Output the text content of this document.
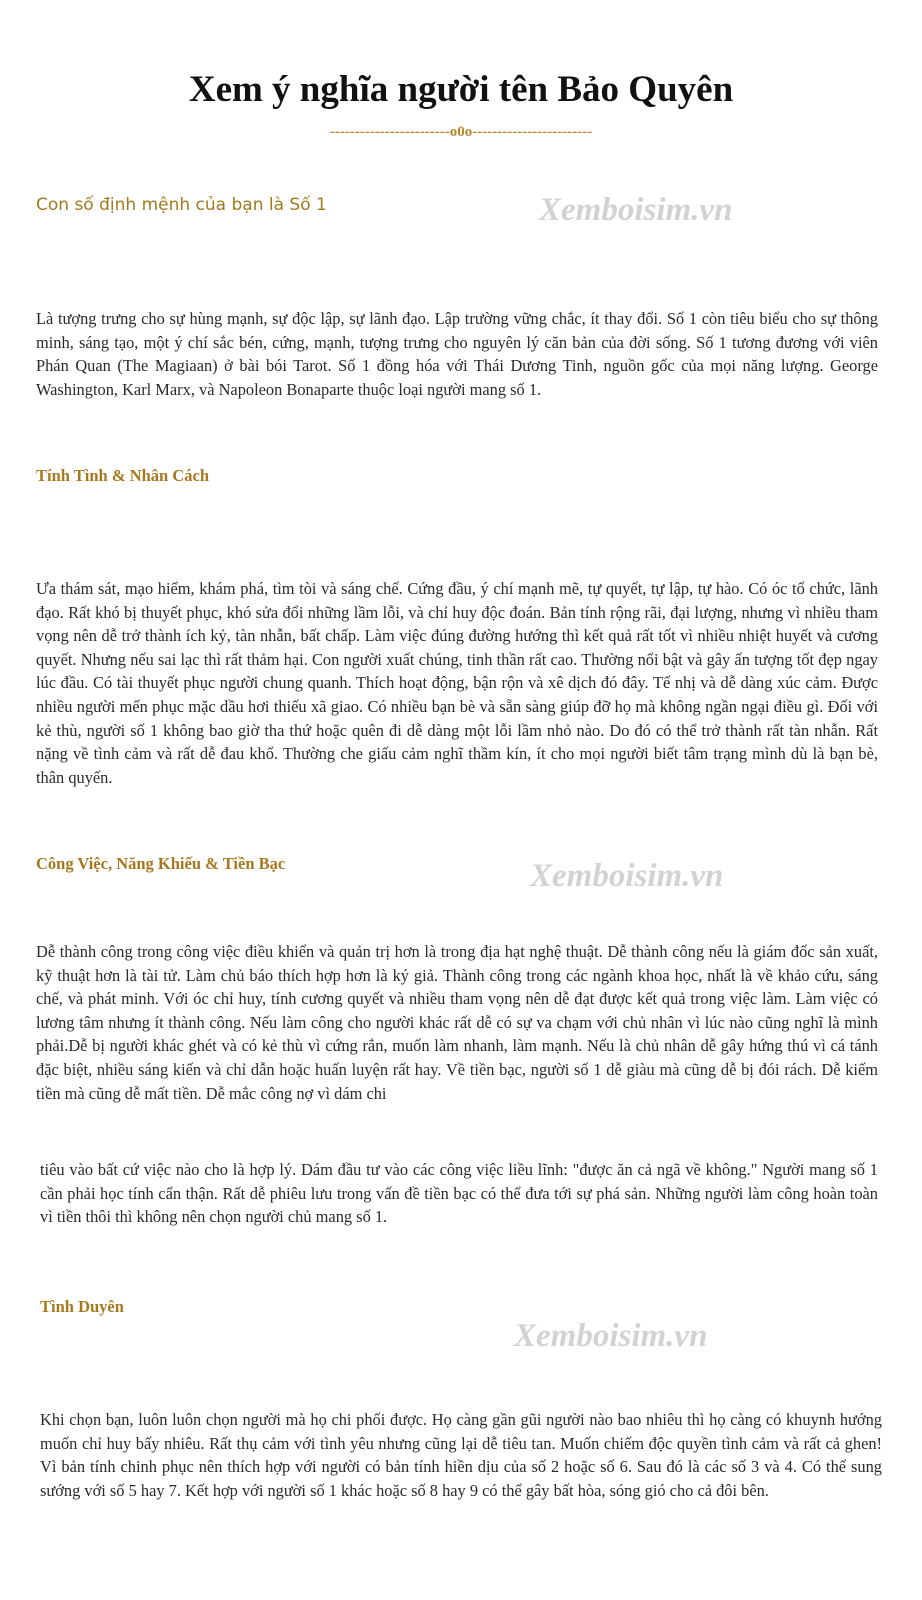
Xem ý nghĩa người tên Bảo Quyên
------------------------o0o------------------------
Con số định mệnh của bạn là Số 1	Xemboisim.vn

Là tượng trưng cho sự hùng mạnh, sự độc lập, sự lãnh đạo. Lập trường vững chắc, ít thay đổi. Số 1 còn tiêu biểu cho sự thông minh, sáng tạo, một ý chí sắc bén, cứng, mạnh, tượng trưng cho nguyên lý căn bản của đời sống. Số 1 tương đương với viên Phán Quan (The Magiaan) ở bài bói Tarot. Số 1 đồng hóa với Thái Dương Tinh, nguồn gốc của mọi năng lượng. George Washington, Karl Marx, và Napoleon Bonaparte thuộc loại người mang số 1.

Tính Tình & Nhân Cách

Ưa thám sát, mạo hiểm, khám phá, tìm tòi và sáng chế. Cứng đầu, ý chí mạnh mẽ, tự quyết, tự lập, tự hào. Có óc tổ chức, lãnh đạo. Rất khó bị thuyết phục, khó sửa đổi những lầm lỗi, và chỉ huy độc đoán. Bản tính rộng rãi, đại lượng, nhưng vì nhiều tham vọng nên dễ trở thành ích kỷ, tàn nhẫn, bất chấp. Làm việc đúng đường hướng thì kết quả rất tốt vì nhiều nhiệt huyết và cương quyết. Nhưng nếu sai lạc thì rất thảm hại. Con người xuất chúng, tinh thần rất cao. Thường nổi bật và gây ấn tượng tốt đẹp ngay lúc đầu. Có tài thuyết phục người chung quanh. Thích hoạt động, bận rộn và xê dịch đó đây. Tế nhị và dễ dàng xúc cảm. Được nhiều người mến phục mặc dầu hơi thiếu xã giao. Có nhiều bạn bè và sẵn sàng giúp đỡ họ mà không ngần ngại điều gì. Đối với kẻ thù, người số 1 không bao giờ tha thứ hoặc quên đi dễ dàng một lỗi lầm nhỏ nào. Do đó có thể trở thành rất tàn nhẫn. Rất nặng về tình cảm và rất dễ đau khổ. Thường che giấu cảm nghĩ thầm kín, ít cho mọi người biết tâm trạng mình dù là bạn bè, thân quyến.

Công Việc, Năng Khiếu & Tiền Bạc	Xemboisim.vn

Dễ thành công trong công việc điều khiển và quản trị hơn là trong địa hạt nghệ thuật. Dễ thành công nếu là giám đốc sản xuất, kỹ thuật hơn là tài tử. Làm chủ báo thích hợp hơn là ký giả. Thành công trong các ngành khoa học, nhất là về khảo cứu, sáng chế, và phát minh. Với óc chỉ huy, tính cương quyết và nhiều tham vọng nên dễ đạt được kết quả trong việc làm. Làm việc có lương tâm nhưng ít thành công. Nếu làm công cho người khác rất dễ có sự va chạm với chủ nhân vì lúc nào cũng nghĩ là mình phải.Dễ bị người khác ghét và có kẻ thù vì cứng rắn, muốn làm nhanh, làm mạnh. Nếu là chủ nhân dễ gây hứng thú vì cá tánh đặc biệt, nhiều sáng kiến và chỉ dẫn hoặc huấn luyện rất hay. Về tiền bạc, người số 1 dễ giàu mà cũng dễ bị đói rách. Dễ kiếm tiền mà cũng dễ mất tiền. Dễ mắc công nợ vì dám chi

tiêu vào bất cứ việc nào cho là hợp lý. Dám đầu tư vào các công việc liều lĩnh: "được ăn cả ngã về không." Người mang số 1 cần phải học tính cẩn thận. Rất dễ phiêu lưu trong vấn đề tiền bạc có thể đưa tới sự phá sản. Những người làm công hoàn toàn vì tiền thôi thì không nên chọn người chủ mang số 1.

Tình Duyên
Xemboisim.vn

Khi chọn bạn, luôn luôn chọn người mà họ chi phối được. Họ càng gần gũi người nào bao nhiêu thì họ càng có khuynh hướng muốn chỉ huy bấy nhiêu. Rất thụ cảm với tình yêu nhưng cũng lại dễ tiêu tan. Muốn chiếm độc quyền tình cảm và rất cả ghen! Vì bản tính chinh phục nên thích hợp với người có bản tính hiền dịu của số 2 hoặc số 6. Sau đó là các số 3 và 4. Có thể sung sướng với số 5 hay 7. Kết hợp với người số 1 khác hoặc số 8 hay 9 có thể gây bất hòa, sóng gió cho cả đôi bên.
